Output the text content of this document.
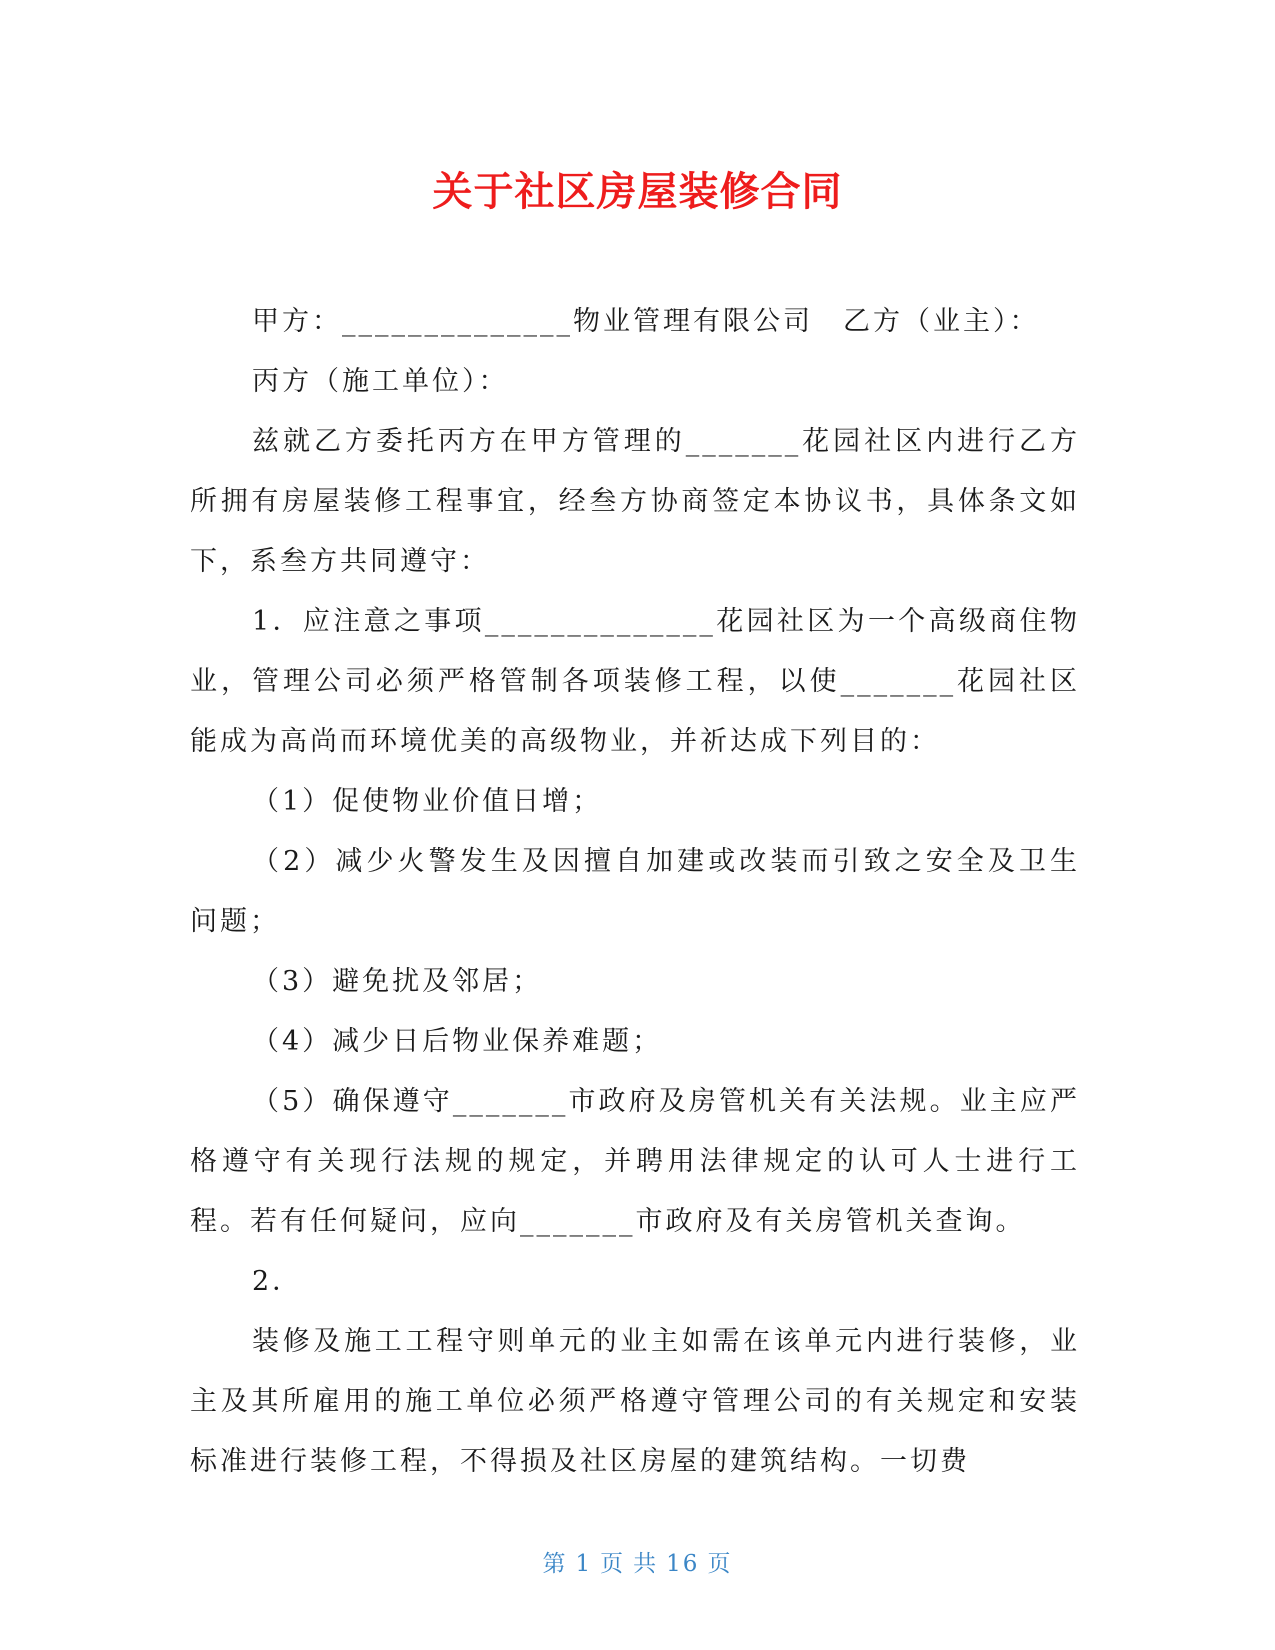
关于社区房屋装修合同

甲方：______________物业管理有限公司　乙方（业主）：

丙方（施工单位）：

兹就乙方委托丙方在甲方管理的_______花园社区内进行乙方所拥有房屋装修工程事宜，经叁方协商签定本协议书，具体条文如下，系叁方共同遵守：

1．应注意之事项______________花园社区为一个高级商住物业，管理公司必须严格管制各项装修工程，以使_______花园社区能成为高尚而环境优美的高级物业，并祈达成下列目的：

（1）促使物业价值日增；

（2）减少火警发生及因擅自加建或改装而引致之安全及卫生问题；

（3）避免扰及邻居；

（4）减少日后物业保养难题；

（5）确保遵守_______市政府及房管机关有关法规。业主应严格遵守有关现行法规的规定，并聘用法律规定的认可人士进行工程。若有任何疑问，应向_______市政府及有关房管机关查询。

2．

装修及施工工程守则单元的业主如需在该单元内进行装修，业主及其所雇用的施工单位必须严格遵守管理公司的有关规定和安装标准进行装修工程，不得损及社区房屋的建筑结构。一切费

第 1 页 共 16 页
